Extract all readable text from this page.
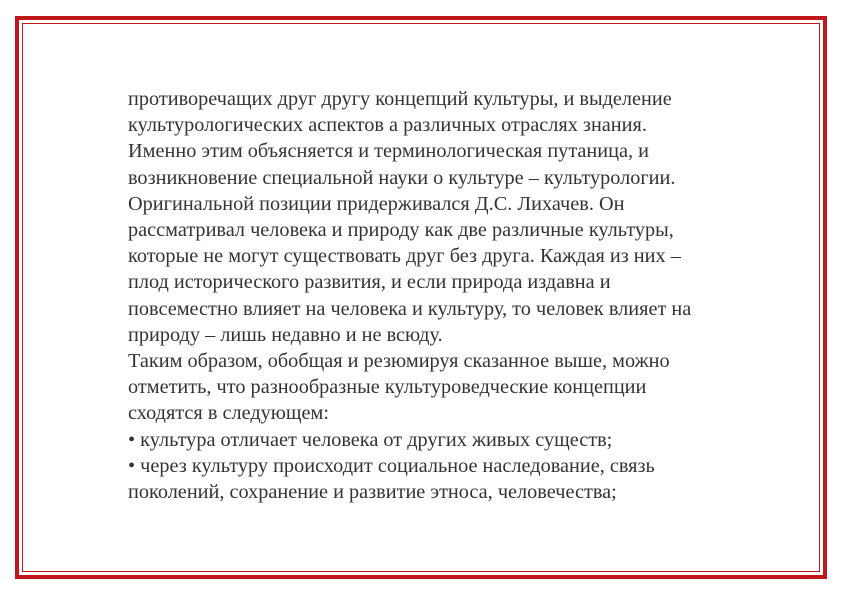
противоречащих друг другу концепций культуры, и выделение
культурологических аспектов а различных отраслях знания.
Именно этим объясняется и терминологическая путаница, и
возникновение специальной науки о культуре – культурологии.
Оригинальной позиции придерживался Д.С. Лихачев. Он
рассматривал человека и природу как две различные культуры,
которые не могут существовать друг без друга. Каждая из них –
плод исторического развития, и если природа издавна и
повсеместно влияет на человека и культуру, то человек влияет на
природу – лишь недавно и не всюду.
Таким образом, обобщая и резюмируя сказанное выше, можно
отметить, что разнообразные культуроведческие концепции
сходятся в следующем:
• культура отличает человека от других живых существ;
• через культуру происходит социальное наследование, связь
поколений, сохранение и развитие этноса, человечества;
